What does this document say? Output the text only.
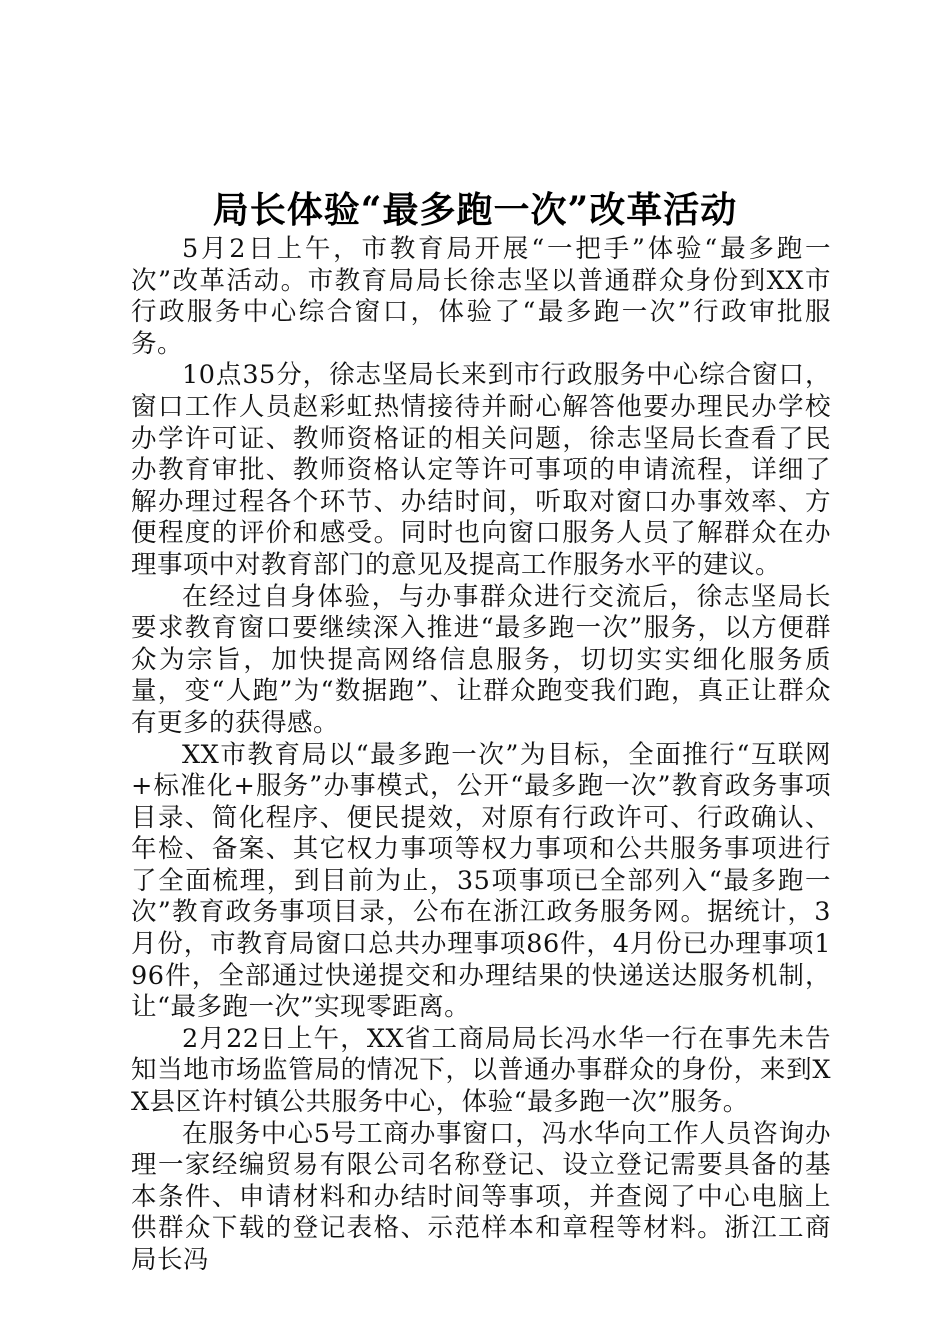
局长体验“最多跑一次”改革活动

5月2日上午，市教育局开展“一把手”体验“最多跑一次”改革活动。市教育局局长徐志坚以普通群众身份到XX市行政服务中心综合窗口，体验了“最多跑一次”行政审批服务。

10点35分，徐志坚局长来到市行政服务中心综合窗口，窗口工作人员赵彩虹热情接待并耐心解答他要办理民办学校办学许可证、教师资格证的相关问题，徐志坚局长查看了民办教育审批、教师资格认定等许可事项的申请流程，详细了解办理过程各个环节、办结时间，听取对窗口办事效率、方便程度的评价和感受。同时也向窗口服务人员了解群众在办理事项中对教育部门的意见及提高工作服务水平的建议。

在经过自身体验，与办事群众进行交流后，徐志坚局长要求教育窗口要继续深入推进“最多跑一次”服务，以方便群众为宗旨，加快提高网络信息服务，切切实实细化服务质量，变“人跑”为“数据跑”、让群众跑变我们跑，真正让群众有更多的获得感。

XX市教育局以“最多跑一次”为目标，全面推行“互联网+标准化+服务”办事模式，公开“最多跑一次”教育政务事项目录、简化程序、便民提效，对原有行政许可、行政确认、年检、备案、其它权力事项等权力事项和公共服务事项进行了全面梳理，到目前为止，35项事项已全部列入“最多跑一次”教育政务事项目录，公布在浙江政务服务网。据统计，3月份，市教育局窗口总共办理事项86件，4月份已办理事项196件，全部通过快递提交和办理结果的快递送达服务机制，让“最多跑一次”实现零距离。

2月22日上午，XX省工商局局长冯水华一行在事先未告知当地市场监管局的情况下，以普通办事群众的身份，来到XX县区许村镇公共服务中心，体验“最多跑一次”服务。

在服务中心5号工商办事窗口，冯水华向工作人员咨询办理一家经编贸易有限公司名称登记、设立登记需要具备的基本条件、申请材料和办结时间等事项，并查阅了中心电脑上供群众下载的登记表格、示范样本和章程等材料。浙江工商局长冯
